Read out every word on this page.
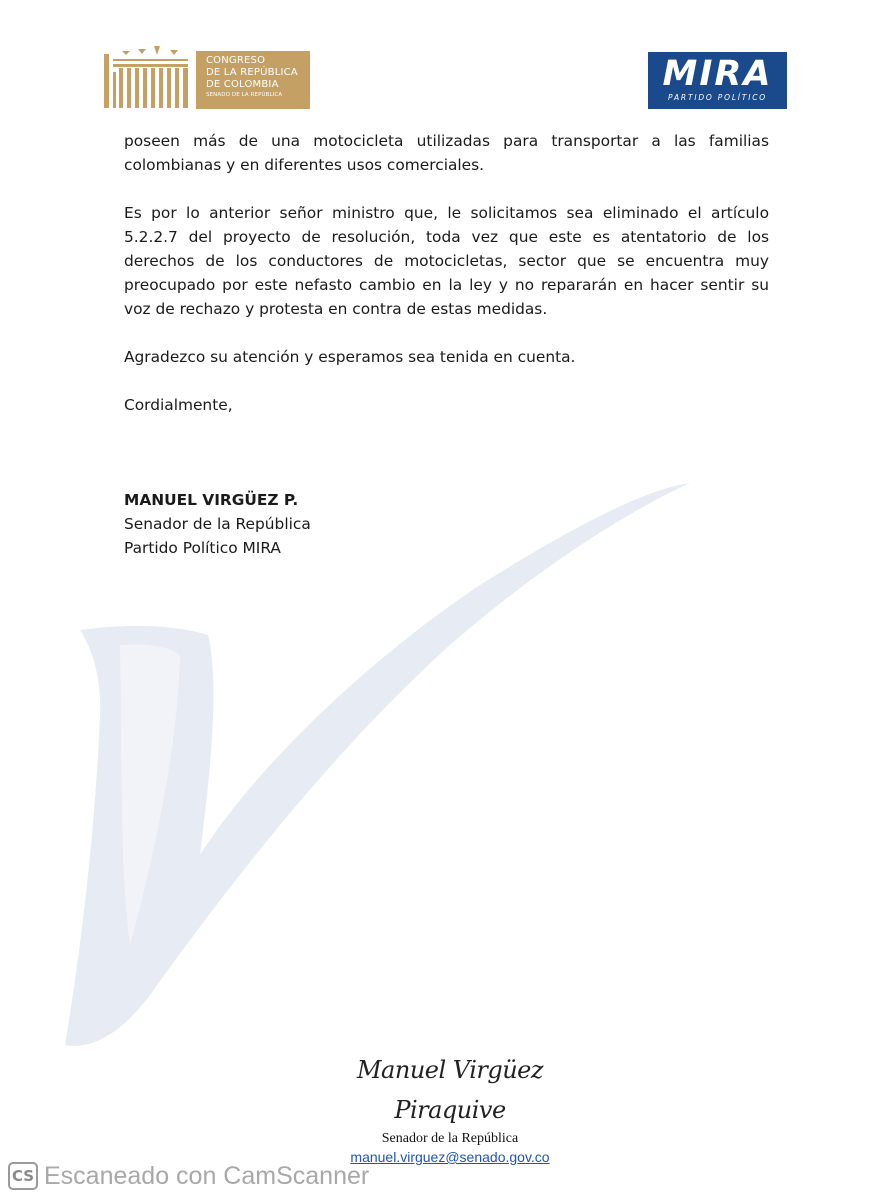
CONGRESO
DE LA REPÚBLICA
DE COLOMBIA
SENADO DE LA REPÚBLICA
MIRA
PARTIDO POLÍTICO

poseen más de una motocicleta utilizadas para transportar a las familias colombianas y en diferentes usos comerciales.

Es por lo anterior señor ministro que, le solicitamos sea eliminado el artículo 5.2.2.7 del proyecto de resolución, toda vez que este es atentatorio de los derechos de los conductores de motocicletas, sector que se encuentra muy preocupado por este nefasto cambio en la ley y no repararán en hacer sentir su voz de rechazo y protesta en contra de estas medidas.

Agradezco su atención y esperamos sea tenida en cuenta.

Cordialmente,

MANUEL VIRGÜEZ P.
Senador de la República
Partido Político MIRA
Manuel Virgüez Piraquive
Senador de la República
manuel.virguez@senado.gov.co
CS Escaneado con CamScanner
